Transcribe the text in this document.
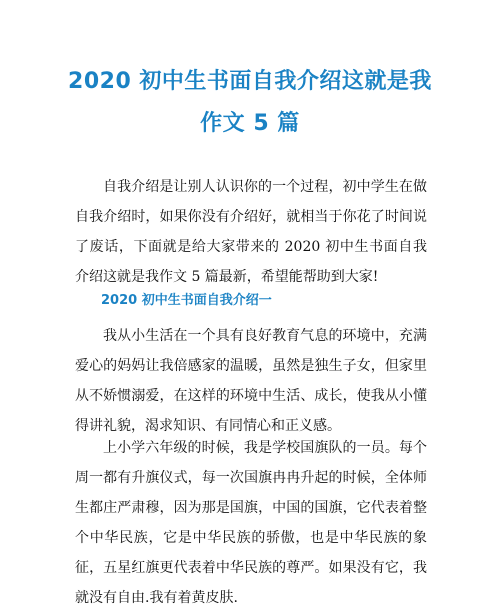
2020 初中生书面自我介绍这就是我
作文 5 篇

自我介绍是让别人认识你的一个过程，初中学生在做自我介绍时，如果你没有介绍好，就相当于你花了时间说了废话，下面就是给大家带来的 2020 初中生书面自我介绍这就是我作文 5 篇最新，希望能帮助到大家!

2020 初中生书面自我介绍一

我从小生活在一个具有良好教育气息的环境中，充满爱心的妈妈让我倍感家的温暖，虽然是独生子女，但家里从不娇惯溺爱，在这样的环境中生活、成长，使我从小懂得讲礼貌，渴求知识、有同情心和正义感。

上小学六年级的时候，我是学校国旗队的一员。每个周一都有升旗仪式，每一次国旗冉冉升起的时候，全体师生都庄严肃穆，因为那是国旗，中国的国旗，它代表着整个中华民族，它是中华民族的骄傲，也是中华民族的象征，五星红旗更代表着中华民族的尊严。如果没有它，我就没有自由.我有着黄皮肤.
